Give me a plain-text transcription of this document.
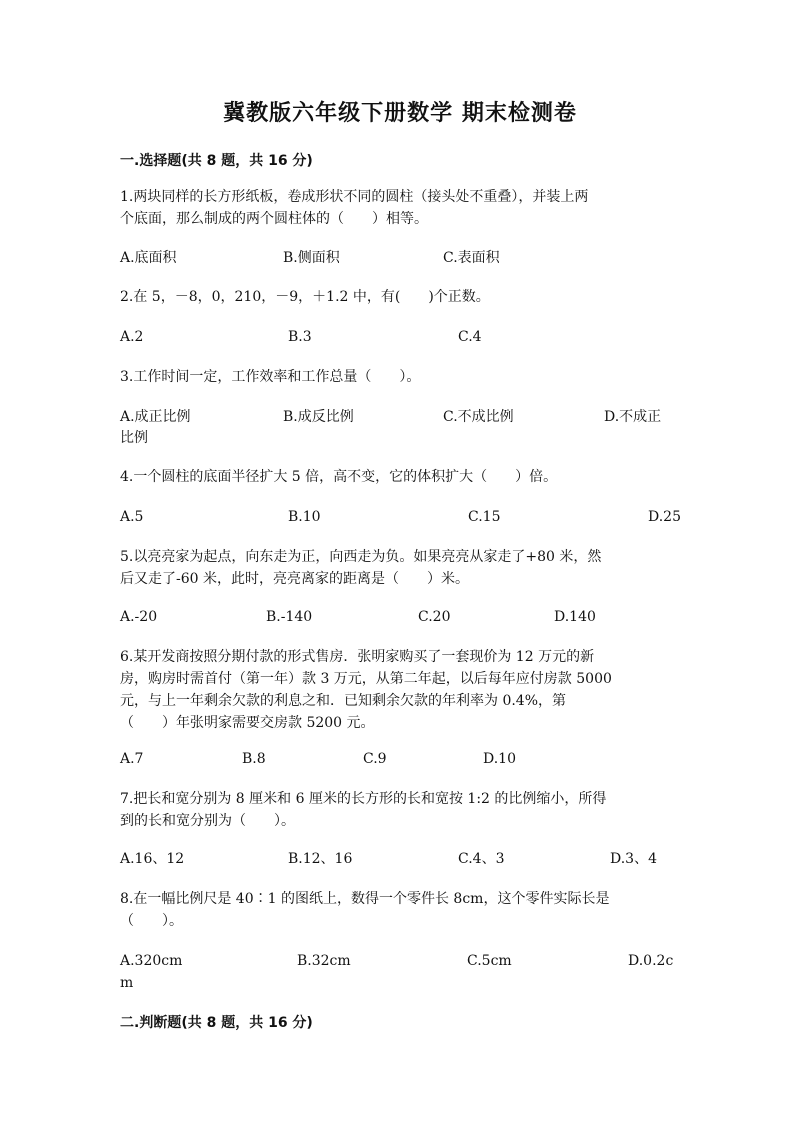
冀教版六年级下册数学 期末检测卷
一.选择题(共 8 题，共 16 分)
1.两块同样的长方形纸板，卷成形状不同的圆柱（接头处不重叠），并装上两
个底面，那么制成的两个圆柱体的（　　）相等。
A.底面积	B.侧面积	C.表面积
2.在 5，－8，0，210，－9，＋1.2 中，有(　　)个正数。
A.2	B.3	C.4
3.工作时间一定，工作效率和工作总量（　　）。
A.成正比例	B.成反比例	C.不成比例	D.不成正
比例
4.一个圆柱的底面半径扩大 5 倍，高不变，它的体积扩大（　　）倍。
A.5	B.10	C.15	D.25
5.以亮亮家为起点，向东走为正，向西走为负。如果亮亮从家走了+80 米，然
后又走了-60 米，此时，亮亮离家的距离是（　　）米。
A.-20	B.-140	C.20	D.140
6.某开发商按照分期付款的形式售房．张明家购买了一套现价为 12 万元的新
房，购房时需首付（第一年）款 3 万元，从第二年起，以后每年应付房款 5000
元，与上一年剩余欠款的利息之和．已知剩余欠款的年利率为 0.4%，第
（　　）年张明家需要交房款 5200 元。
A.7	B.8	C.9	D.10
7.把长和宽分别为 8 厘米和 6 厘米的长方形的长和宽按 1:2 的比例缩小，所得
到的长和宽分别为（　　）。
A.16、12	B.12、16	C.4、3	D.3、4
8.在一幅比例尺是 40∶1 的图纸上，数得一个零件长 8cm，这个零件实际长是
（　　）。
A.320cm	B.32cm	C.5cm	D.0.2c
m
二.判断题(共 8 题，共 16 分)
